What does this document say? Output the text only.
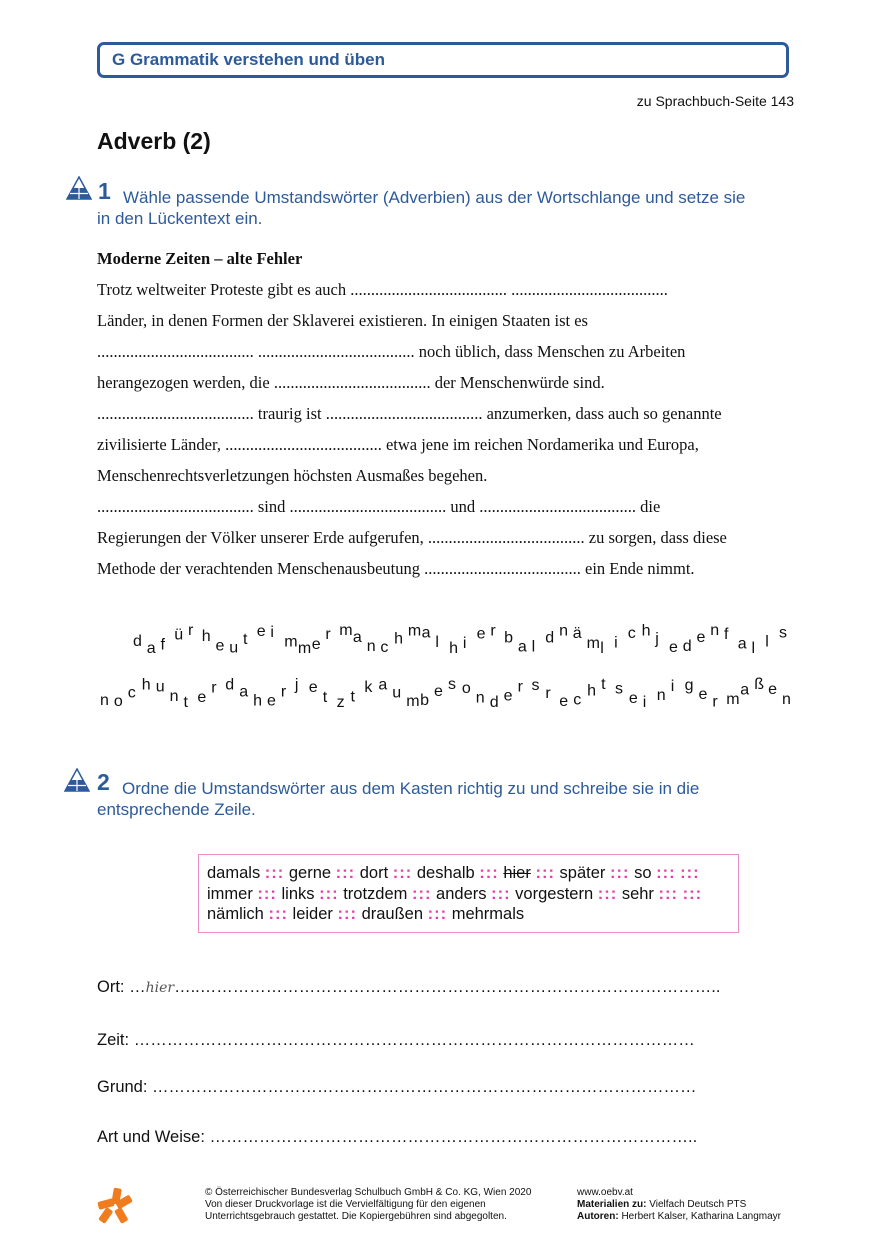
G Grammatik verstehen und üben
zu Sprachbuch-Seite 143
Adverb (2)
1 Wähle passende Umstandswörter (Adverbien) aus der Wortschlange und setze sie
in den Lückentext ein.
Moderne Zeiten – alte Fehler
Trotz weltweiter Proteste gibt es auch ...................................... ......................................
Länder, in denen Formen der Sklaverei existieren. In einigen Staaten ist es
...................................... ...................................... noch üblich, dass Menschen zu Arbeiten
herangezogen werden, die ...................................... der Menschenwürde sind.
...................................... traurig ist ...................................... anzumerken, dass auch so genannte
zivilisierte Länder, ...................................... etwa jene im reichen Nordamerika und Europa,
Menschenrechtsverletzungen höchsten Ausmaßes begehen.
...................................... sind ...................................... und ...................................... die
Regierungen der Völker unserer Erde aufgerufen, ...................................... zu sorgen, dass diese
Methode der verachtenden Menschenausbeutung ...................................... ein Ende nimmt.
d a f
ü r h
e u t e i
m m e
r m a
n c h m a
l h i
e r b
a l
d n ä
m l i
c h j
e d
e n f
a l l
s
n o c h u
n t e
r d a
h e
r j e
t z t
k a u
m b
e s o
n d e
r s r e c
h t s
e i n
i g
e r m
a ß e
n
2 Ordne die Umstandswörter aus dem Kasten richtig zu und schreibe sie in die
entsprechende Zeile.
damals ::: gerne ::: dort ::: deshalb ::: hier ::: später ::: so ::: :::
immer ::: links ::: trotzdem ::: anders ::: vorgestern ::: sehr ::: :::
nämlich ::: leider ::: draußen ::: mehrmals
Ort: …hier…..…………………………………………………………………………………..
Zeit: …………………………………………………………………………………………
Grund: ………………………………………………………………………………………
Art und Weise: ……………………………………………………………………………..
© Österreichischer Bundesverlag Schulbuch GmbH & Co. KG, Wien 2020
Von dieser Druckvorlage ist die Vervielfältigung für den eigenen
Unterrichtsgebrauch gestattet. Die Kopiergebühren sind abgegolten.
www.oebv.at
Materialien zu: Vielfach Deutsch PTS
Autoren: Herbert Kalser, Katharina Langmayr
